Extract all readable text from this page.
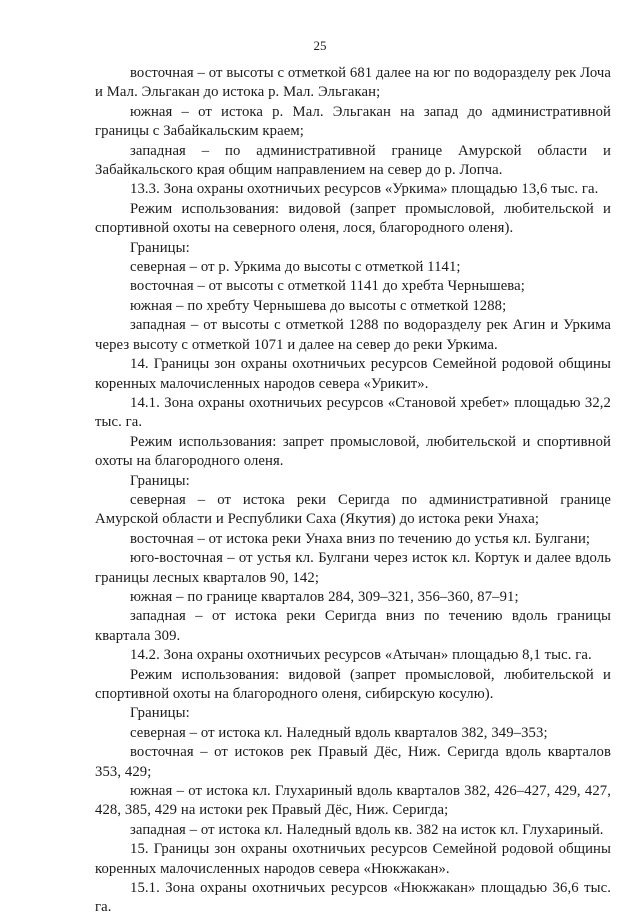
25

восточная – от высоты с отметкой 681 далее на юг по водоразделу рек Лоча и Мал. Эльгакан до истока р. Мал. Эльгакан;

южная – от истока р. Мал. Эльгакан на запад до административной границы с Забайкальским краем;

западная – по административной границе Амурской области и Забайкальского края общим направлением на север до р. Лопча.

13.3. Зона охраны охотничьих ресурсов «Уркима» площадью 13,6 тыс. га.

Режим использования: видовой (запрет промысловой, любительской и спортивной охоты на северного оленя, лося, благородного оленя).

Границы:

северная – от р. Уркима до высоты с отметкой 1141;

восточная – от высоты с отметкой 1141 до хребта Чернышева;

южная – по хребту Чернышева до высоты с отметкой 1288;

западная – от высоты с отметкой 1288 по водоразделу рек Агин и Уркима через высоту с отметкой 1071 и далее на север до реки Уркима.

14. Границы зон охраны охотничьих ресурсов Семейной родовой общины коренных малочисленных народов севера «Урикит».

14.1. Зона охраны охотничьих ресурсов «Становой хребет» площадью 32,2 тыс. га.

Режим использования: запрет промысловой, любительской и спортивной охоты на благородного оленя.

Границы:

северная – от истока реки Серигда по административной границе Амурской области и Республики Саха (Якутия) до истока реки Унаха;

восточная – от истока реки Унаха вниз по течению до устья кл. Булгани;

юго-восточная – от устья кл. Булгани через исток кл. Кортук и далее вдоль границы лесных кварталов 90, 142;

южная – по границе кварталов 284, 309–321, 356–360, 87–91;

западная – от истока реки Серигда вниз по течению вдоль границы квартала 309.

14.2. Зона охраны охотничьих ресурсов «Атычан» площадью 8,1 тыс. га.

Режим использования: видовой (запрет промысловой, любительской и спортивной охоты на благородного оленя, сибирскую косулю).

Границы:

северная – от истока кл. Наледный вдоль кварталов 382, 349–353;

восточная – от истоков рек Правый Дёс, Ниж. Серигда вдоль кварталов 353, 429;

южная – от истока кл. Глухариный вдоль кварталов 382, 426–427, 429, 427, 428, 385, 429 на истоки рек Правый Дёс, Ниж. Серигда;

западная – от истока кл. Наледный вдоль кв. 382 на исток кл. Глухариный.

15. Границы зон охраны охотничьих ресурсов Семейной родовой общины коренных малочисленных народов севера «Нюкжакан».

15.1. Зона охраны охотничьих ресурсов «Нюкжакан» площадью 36,6 тыс. га.
